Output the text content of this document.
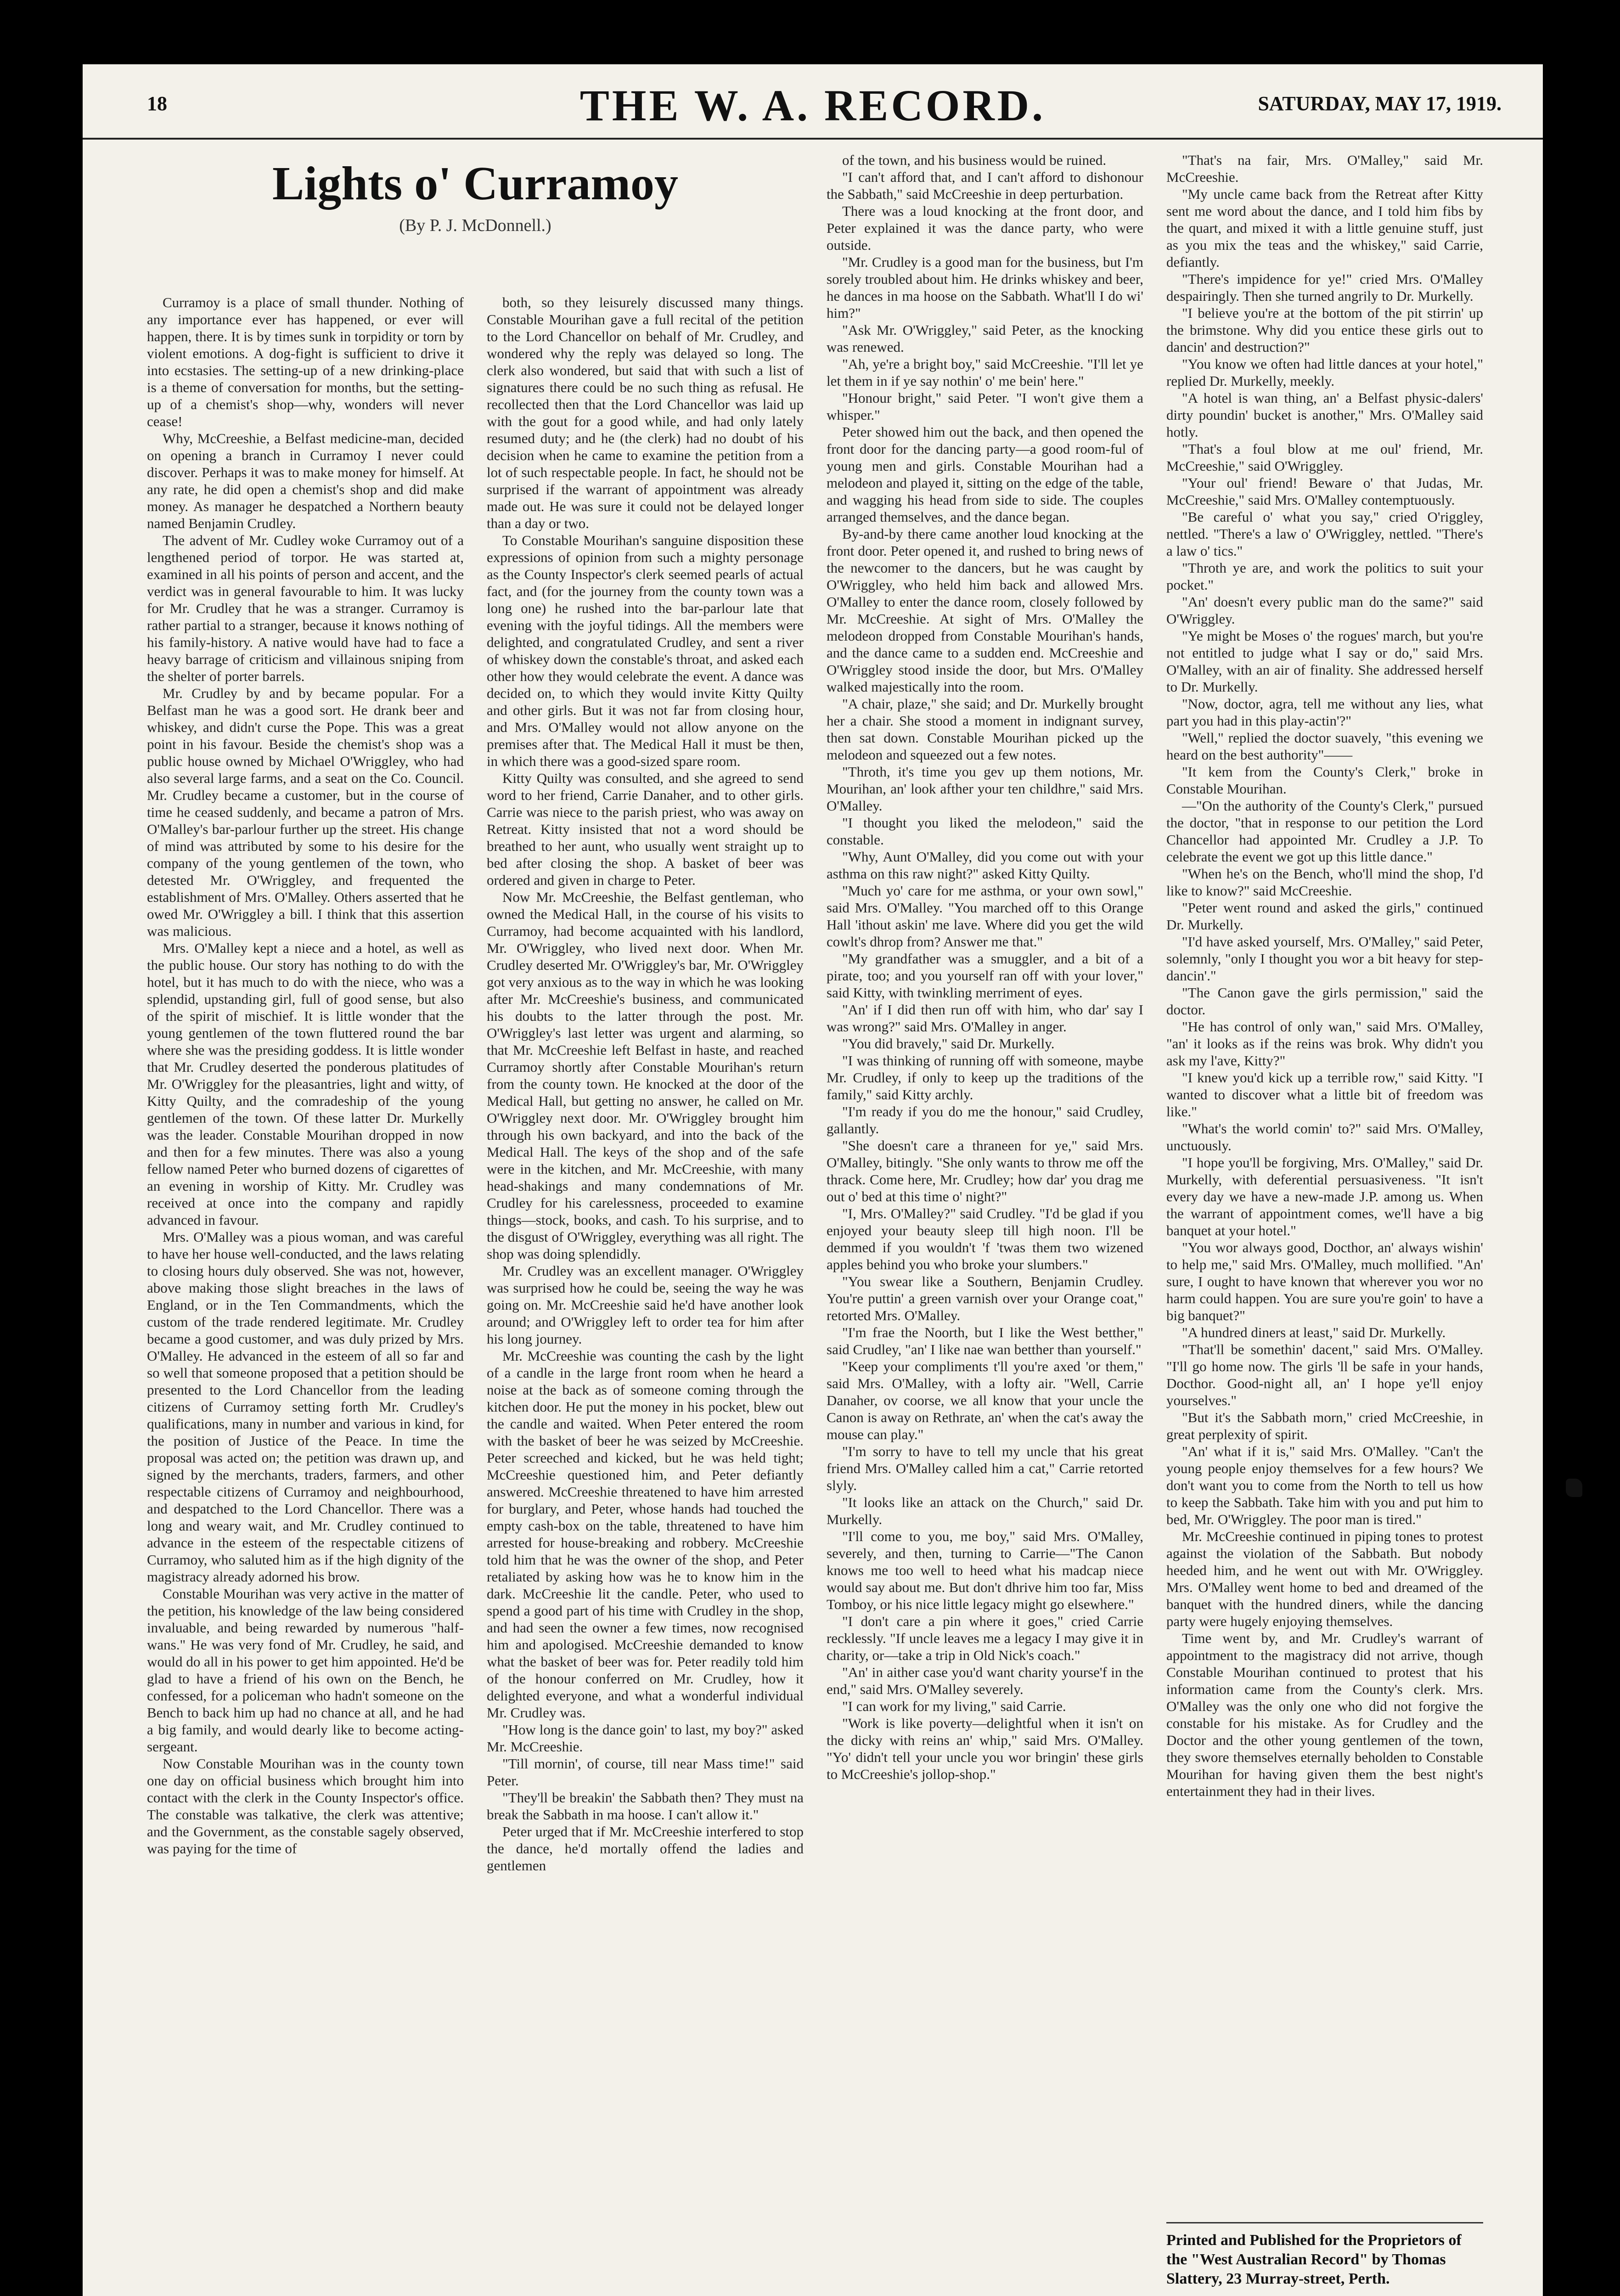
18	THE W. A. RECORD.	SATURDAY, MAY 17, 1919.
Lights o' Curramoy
(By P. J. McDonnell.)

Curramoy is a place of small thunder. Nothing of any importance ever has happened, or ever will happen, there. It is by times sunk in torpidity or torn by violent emotions. A dog-fight is sufficient to drive it into ecstasies. The setting-up of a new drinking-place is a theme of conversation for months, but the setting-up of a chemist's shop—why, wonders will never cease!

Why, McCreeshie, a Belfast medicine-man, decided on opening a branch in Curramoy I never could discover. Perhaps it was to make money for himself. At any rate, he did open a chemist's shop and did make money. As manager he despatched a Northern beauty named Benjamin Crudley.

The advent of Mr. Cudley woke Curramoy out of a lengthened period of torpor. He was started at, examined in all his points of person and accent, and the verdict was in general favourable to him. It was lucky for Mr. Crudley that he was a stranger. Curramoy is rather partial to a stranger, because it knows nothing of his family-history. A native would have had to face a heavy barrage of criticism and villainous sniping from the shelter of porter barrels.

Mr. Crudley by and by became popular. For a Belfast man he was a good sort. He drank beer and whiskey, and didn't curse the Pope. This was a great point in his favour. Beside the chemist's shop was a public house owned by Michael O'Wriggley, who had also several large farms, and a seat on the Co. Council. Mr. Crudley became a customer, but in the course of time he ceased suddenly, and became a patron of Mrs. O'Malley's bar-parlour further up the street. His change of mind was attributed by some to his desire for the company of the young gentlemen of the town, who detested Mr. O'Wriggley, and frequented the establishment of Mrs. O'Malley. Others asserted that he owed Mr. O'Wriggley a bill. I think that this assertion was malicious.

Mrs. O'Malley kept a niece and a hotel, as well as the public house. Our story has nothing to do with the hotel, but it has much to do with the niece, who was a splendid, upstanding girl, full of good sense, but also of the spirit of mischief. It is little wonder that the young gentlemen of the town fluttered round the bar where she was the presiding goddess. It is little wonder that Mr. Crudley deserted the ponderous platitudes of Mr. O'Wriggley for the pleasantries, light and witty, of Kitty Quilty, and the comradeship of the young gentlemen of the town. Of these latter Dr. Murkelly was the leader. Constable Mourihan dropped in now and then for a few minutes. There was also a young fellow named Peter who burned dozens of cigarettes of an evening in worship of Kitty. Mr. Crudley was received at once into the company and rapidly advanced in favour.

Mrs. O'Malley was a pious woman, and was careful to have her house well-conducted, and the laws relating to closing hours duly observed. She was not, however, above making those slight breaches in the laws of England, or in the Ten Commandments, which the custom of the trade rendered legitimate. Mr. Crudley became a good customer, and was duly prized by Mrs. O'Malley. He advanced in the esteem of all so far and so well that someone proposed that a petition should be presented to the Lord Chancellor from the leading citizens of Curramoy setting forth Mr. Crudley's qualifications, many in number and various in kind, for the position of Justice of the Peace. In time the proposal was acted on; the petition was drawn up, and signed by the merchants, traders, farmers, and other respectable citizens of Curramoy and neighbourhood, and despatched to the Lord Chancellor. There was a long and weary wait, and Mr. Crudley continued to advance in the esteem of the respectable citizens of Curramoy, who saluted him as if the high dignity of the magistracy already adorned his brow.

Constable Mourihan was very active in the matter of the petition, his knowledge of the law being considered invaluable, and being rewarded by numerous "half-wans." He was very fond of Mr. Crudley, he said, and would do all in his power to get him appointed. He'd be glad to have a friend of his own on the Bench, he confessed, for a policeman who hadn't someone on the Bench to back him up had no chance at all, and he had a big family, and would dearly like to become acting-sergeant.

Now Constable Mourihan was in the county town one day on official business which brought him into contact with the clerk in the County Inspector's office. The constable was talkative, the clerk was attentive; and the Government, as the constable sagely observed, was paying for the time of

both, so they leisurely discussed many things. Constable Mourihan gave a full recital of the petition to the Lord Chancellor on behalf of Mr. Crudley, and wondered why the reply was delayed so long. The clerk also wondered, but said that with such a list of signatures there could be no such thing as refusal. He recollected then that the Lord Chancellor was laid up with the gout for a good while, and had only lately resumed duty; and he (the clerk) had no doubt of his decision when he came to examine the petition from a lot of such respectable people. In fact, he should not be surprised if the warrant of appointment was already made out. He was sure it could not be delayed longer than a day or two.

To Constable Mourihan's sanguine disposition these expressions of opinion from such a mighty personage as the County Inspector's clerk seemed pearls of actual fact, and (for the journey from the county town was a long one) he rushed into the bar-parlour late that evening with the joyful tidings. All the members were delighted, and congratulated Crudley, and sent a river of whiskey down the constable's throat, and asked each other how they would celebrate the event. A dance was decided on, to which they would invite Kitty Quilty and other girls. But it was not far from closing hour, and Mrs. O'Malley would not allow anyone on the premises after that. The Medical Hall it must be then, in which there was a good-sized spare room.

Kitty Quilty was consulted, and she agreed to send word to her friend, Carrie Danaher, and to other girls. Carrie was niece to the parish priest, who was away on Retreat. Kitty insisted that not a word should be breathed to her aunt, who usually went straight up to bed after closing the shop. A basket of beer was ordered and given in charge to Peter.

Now Mr. McCreeshie, the Belfast gentleman, who owned the Medical Hall, in the course of his visits to Curramoy, had become acquainted with his landlord, Mr. O'Wriggley, who lived next door. When Mr. Crudley deserted Mr. O'Wriggley's bar, Mr. O'Wriggley got very anxious as to the way in which he was looking after Mr. McCreeshie's business, and communicated his doubts to the latter through the post. Mr. O'Wriggley's last letter was urgent and alarming, so that Mr. McCreeshie left Belfast in haste, and reached Curramoy shortly after Constable Mourihan's return from the county town. He knocked at the door of the Medical Hall, but getting no answer, he called on Mr. O'Wriggley next door. Mr. O'Wriggley brought him through his own backyard, and into the back of the Medical Hall. The keys of the shop and of the safe were in the kitchen, and Mr. McCreeshie, with many head-shakings and many condemnations of Mr. Crudley for his carelessness, proceeded to examine things—stock, books, and cash. To his surprise, and to the disgust of O'Wriggley, everything was all right. The shop was doing splendidly.

Mr. Crudley was an excellent manager. O'Wriggley was surprised how he could be, seeing the way he was going on. Mr. McCreeshie said he'd have another look around; and O'Wriggley left to order tea for him after his long journey.

Mr. McCreeshie was counting the cash by the light of a candle in the large front room when he heard a noise at the back as of someone coming through the kitchen door. He put the money in his pocket, blew out the candle and waited. When Peter entered the room with the basket of beer he was seized by McCreeshie. Peter screeched and kicked, but he was held tight; McCreeshie questioned him, and Peter defiantly answered. McCreeshie threatened to have him arrested for burglary, and Peter, whose hands had touched the empty cash-box on the table, threatened to have him arrested for house-breaking and robbery. McCreeshie told him that he was the owner of the shop, and Peter retaliated by asking how was he to know him in the dark. McCreeshie lit the candle. Peter, who used to spend a good part of his time with Crudley in the shop, and had seen the owner a few times, now recognised him and apologised. McCreeshie demanded to know what the basket of beer was for. Peter readily told him of the honour conferred on Mr. Crudley, how it delighted everyone, and what a wonderful individual Mr. Crudley was.

"How long is the dance goin' to last, my boy?" asked Mr. McCreeshie.

"Till mornin', of course, till near Mass time!" said Peter.

"They'll be breakin' the Sabbath then? They must na break the Sabbath in ma hoose. I can't allow it."

Peter urged that if Mr. McCreeshie interfered to stop the dance, he'd mortally offend the ladies and gentlemen

of the town, and his business would be ruined.

"I can't afford that, and I can't afford to dishonour the Sabbath," said McCreeshie in deep perturbation.

There was a loud knocking at the front door, and Peter explained it was the dance party, who were outside.

"Mr. Crudley is a good man for the business, but I'm sorely troubled about him. He drinks whiskey and beer, he dances in ma hoose on the Sabbath. What'll I do wi' him?"

"Ask Mr. O'Wriggley," said Peter, as the knocking was renewed.

"Ah, ye're a bright boy," said McCreeshie. "I'll let ye let them in if ye say nothin' o' me bein' here."

"Honour bright," said Peter. "I won't give them a whisper."

Peter showed him out the back, and then opened the front door for the dancing party—a good room-ful of young men and girls. Constable Mourihan had a melodeon and played it, sitting on the edge of the table, and wagging his head from side to side. The couples arranged themselves, and the dance began.

By-and-by there came another loud knocking at the front door. Peter opened it, and rushed to bring news of the newcomer to the dancers, but he was caught by O'Wriggley, who held him back and allowed Mrs. O'Malley to enter the dance room, closely followed by Mr. McCreeshie. At sight of Mrs. O'Malley the melodeon dropped from Constable Mourihan's hands, and the dance came to a sudden end. McCreeshie and O'Wriggley stood inside the door, but Mrs. O'Malley walked majestically into the room.

"A chair, plaze," she said; and Dr. Murkelly brought her a chair. She stood a moment in indignant survey, then sat down. Constable Mourihan picked up the melodeon and squeezed out a few notes.

"Throth, it's time you gev up them notions, Mr. Mourihan, an' look afther your ten childhre," said Mrs. O'Malley.

"I thought you liked the melodeon," said the constable.

"Why, Aunt O'Malley, did you come out with your asthma on this raw night?" asked Kitty Quilty.

"Much yo' care for me asthma, or your own sowl," said Mrs. O'Malley. "You marched off to this Orange Hall 'ithout askin' me lave. Where did you get the wild cowlt's dhrop from? Answer me that."

"My grandfather was a smuggler, and a bit of a pirate, too; and you yourself ran off with your lover," said Kitty, with twinkling merriment of eyes.

"An' if I did then run off with him, who dar' say I was wrong?" said Mrs. O'Malley in anger.

"You did bravely," said Dr. Murkelly.

"I was thinking of running off with someone, maybe Mr. Crudley, if only to keep up the traditions of the family," said Kitty archly.

"I'm ready if you do me the honour," said Crudley, gallantly.

"She doesn't care a thraneen for ye," said Mrs. O'Malley, bitingly. "She only wants to throw me off the thrack. Come here, Mr. Crudley; how dar' you drag me out o' bed at this time o' night?"

"I, Mrs. O'Malley?" said Crudley. "I'd be glad if you enjoyed your beauty sleep till high noon. I'll be demmed if you wouldn't 'f 'twas them two wizened apples behind you who broke your slumbers."

"You swear like a Southern, Benjamin Crudley. You're puttin' a green varnish over your Orange coat," retorted Mrs. O'Malley.

"I'm frae the Noorth, but I like the West betther," said Crudley, "an' I like nae wan betther than yourself."

"Keep your compliments t'll you're axed 'or them," said Mrs. O'Malley, with a lofty air. "Well, Carrie Danaher, ov coorse, we all know that your uncle the Canon is away on Rethrate, an' when the cat's away the mouse can play."

"I'm sorry to have to tell my uncle that his great friend Mrs. O'Malley called him a cat," Carrie retorted slyly.

"It looks like an attack on the Church," said Dr. Murkelly.

"I'll come to you, me boy," said Mrs. O'Malley, severely, and then, turning to Carrie—"The Canon knows me too well to heed what his madcap niece would say about me. But don't dhrive him too far, Miss Tomboy, or his nice little legacy might go elsewhere."

"I don't care a pin where it goes," cried Carrie recklessly. "If uncle leaves me a legacy I may give it in charity, or—take a trip in Old Nick's coach."

"An' in aither case you'd want charity yourse'f in the end," said Mrs. O'Malley severely.

"I can work for my living," said Carrie.

"Work is like poverty—delightful when it isn't on the dicky with reins an' whip," said Mrs. O'Malley. "Yo' didn't tell your uncle you wor bringin' these girls to McCreeshie's jollop-shop."

"That's na fair, Mrs. O'Malley," said Mr. McCreeshie.

"My uncle came back from the Retreat after Kitty sent me word about the dance, and I told him fibs by the quart, and mixed it with a little genuine stuff, just as you mix the teas and the whiskey," said Carrie, defiantly.

"There's impidence for ye!" cried Mrs. O'Malley despairingly. Then she turned angrily to Dr. Murkelly.

"I believe you're at the bottom of the pit stirrin' up the brimstone. Why did you entice these girls out to dancin' and destruction?"

"You know we often had little dances at your hotel," replied Dr. Murkelly, meekly.

"A hotel is wan thing, an' a Belfast physic-dalers' dirty poundin' bucket is another," Mrs. O'Malley said hotly.

"That's a foul blow at me oul' friend, Mr. McCreeshie," said O'Wriggley.

"Your oul' friend! Beware o' that Judas, Mr. McCreeshie," said Mrs. O'Malley contemptuously.

"Be careful o' what you say," cried O'riggley, nettled. "There's a law o' O'Wriggley, nettled. "There's a law o' tics."

"Throth ye are, and work the politics to suit your pocket."

"An' doesn't every public man do the same?" said O'Wriggley.

"Ye might be Moses o' the rogues' march, but you're not entitled to judge what I say or do," said Mrs. O'Malley, with an air of finality. She addressed herself to Dr. Murkelly.

"Now, doctor, agra, tell me without any lies, what part you had in this play-actin'?"

"Well," replied the doctor suavely, "this evening we heard on the best authority"——

"It kem from the County's Clerk," broke in Constable Mourihan.

—"On the authority of the County's Clerk," pursued the doctor, "that in response to our petition the Lord Chancellor had appointed Mr. Crudley a J.P. To celebrate the event we got up this little dance."

"When he's on the Bench, who'll mind the shop, I'd like to know?" said McCreeshie.

"Peter went round and asked the girls," continued Dr. Murkelly.

"I'd have asked yourself, Mrs. O'Malley," said Peter, solemnly, "only I thought you wor a bit heavy for step-dancin'."

"The Canon gave the girls permission," said the doctor.

"He has control of only wan," said Mrs. O'Malley, "an' it looks as if the reins was brok. Why didn't you ask my l'ave, Kitty?"

"I knew you'd kick up a terrible row," said Kitty. "I wanted to discover what a little bit of freedom was like."

"What's the world comin' to?" said Mrs. O'Malley, unctuously.

"I hope you'll be forgiving, Mrs. O'Malley," said Dr. Murkelly, with deferential persuasiveness. "It isn't every day we have a new-made J.P. among us. When the warrant of appointment comes, we'll have a big banquet at your hotel."

"You wor always good, Docthor, an' always wishin' to help me," said Mrs. O'Malley, much mollified. "An' sure, I ought to have known that wherever you wor no harm could happen. You are sure you're goin' to have a big banquet?"

"A hundred diners at least," said Dr. Murkelly.

"That'll be somethin' dacent," said Mrs. O'Malley. "I'll go home now. The girls 'll be safe in your hands, Docthor. Good-night all, an' I hope ye'll enjoy yourselves."

"But it's the Sabbath morn," cried McCreeshie, in great perplexity of spirit.

"An' what if it is," said Mrs. O'Malley. "Can't the young people enjoy themselves for a few hours? We don't want you to come from the North to tell us how to keep the Sabbath. Take him with you and put him to bed, Mr. O'Wriggley. The poor man is tired."

Mr. McCreeshie continued in piping tones to protest against the violation of the Sabbath. But nobody heeded him, and he went out with Mr. O'Wriggley. Mrs. O'Malley went home to bed and dreamed of the banquet with the hundred diners, while the dancing party were hugely enjoying themselves.

Time went by, and Mr. Crudley's warrant of appointment to the magistracy did not arrive, though Constable Mourihan continued to protest that his information came from the County's clerk. Mrs. O'Malley was the only one who did not forgive the constable for his mistake. As for Crudley and the Doctor and the other young gentlemen of the town, they swore themselves eternally beholden to Constable Mourihan for having given them the best night's entertainment they had in their lives.

Printed and Published for the Proprietors of the "West Australian Record" by Thomas Slattery, 23 Murray-street, Perth.
